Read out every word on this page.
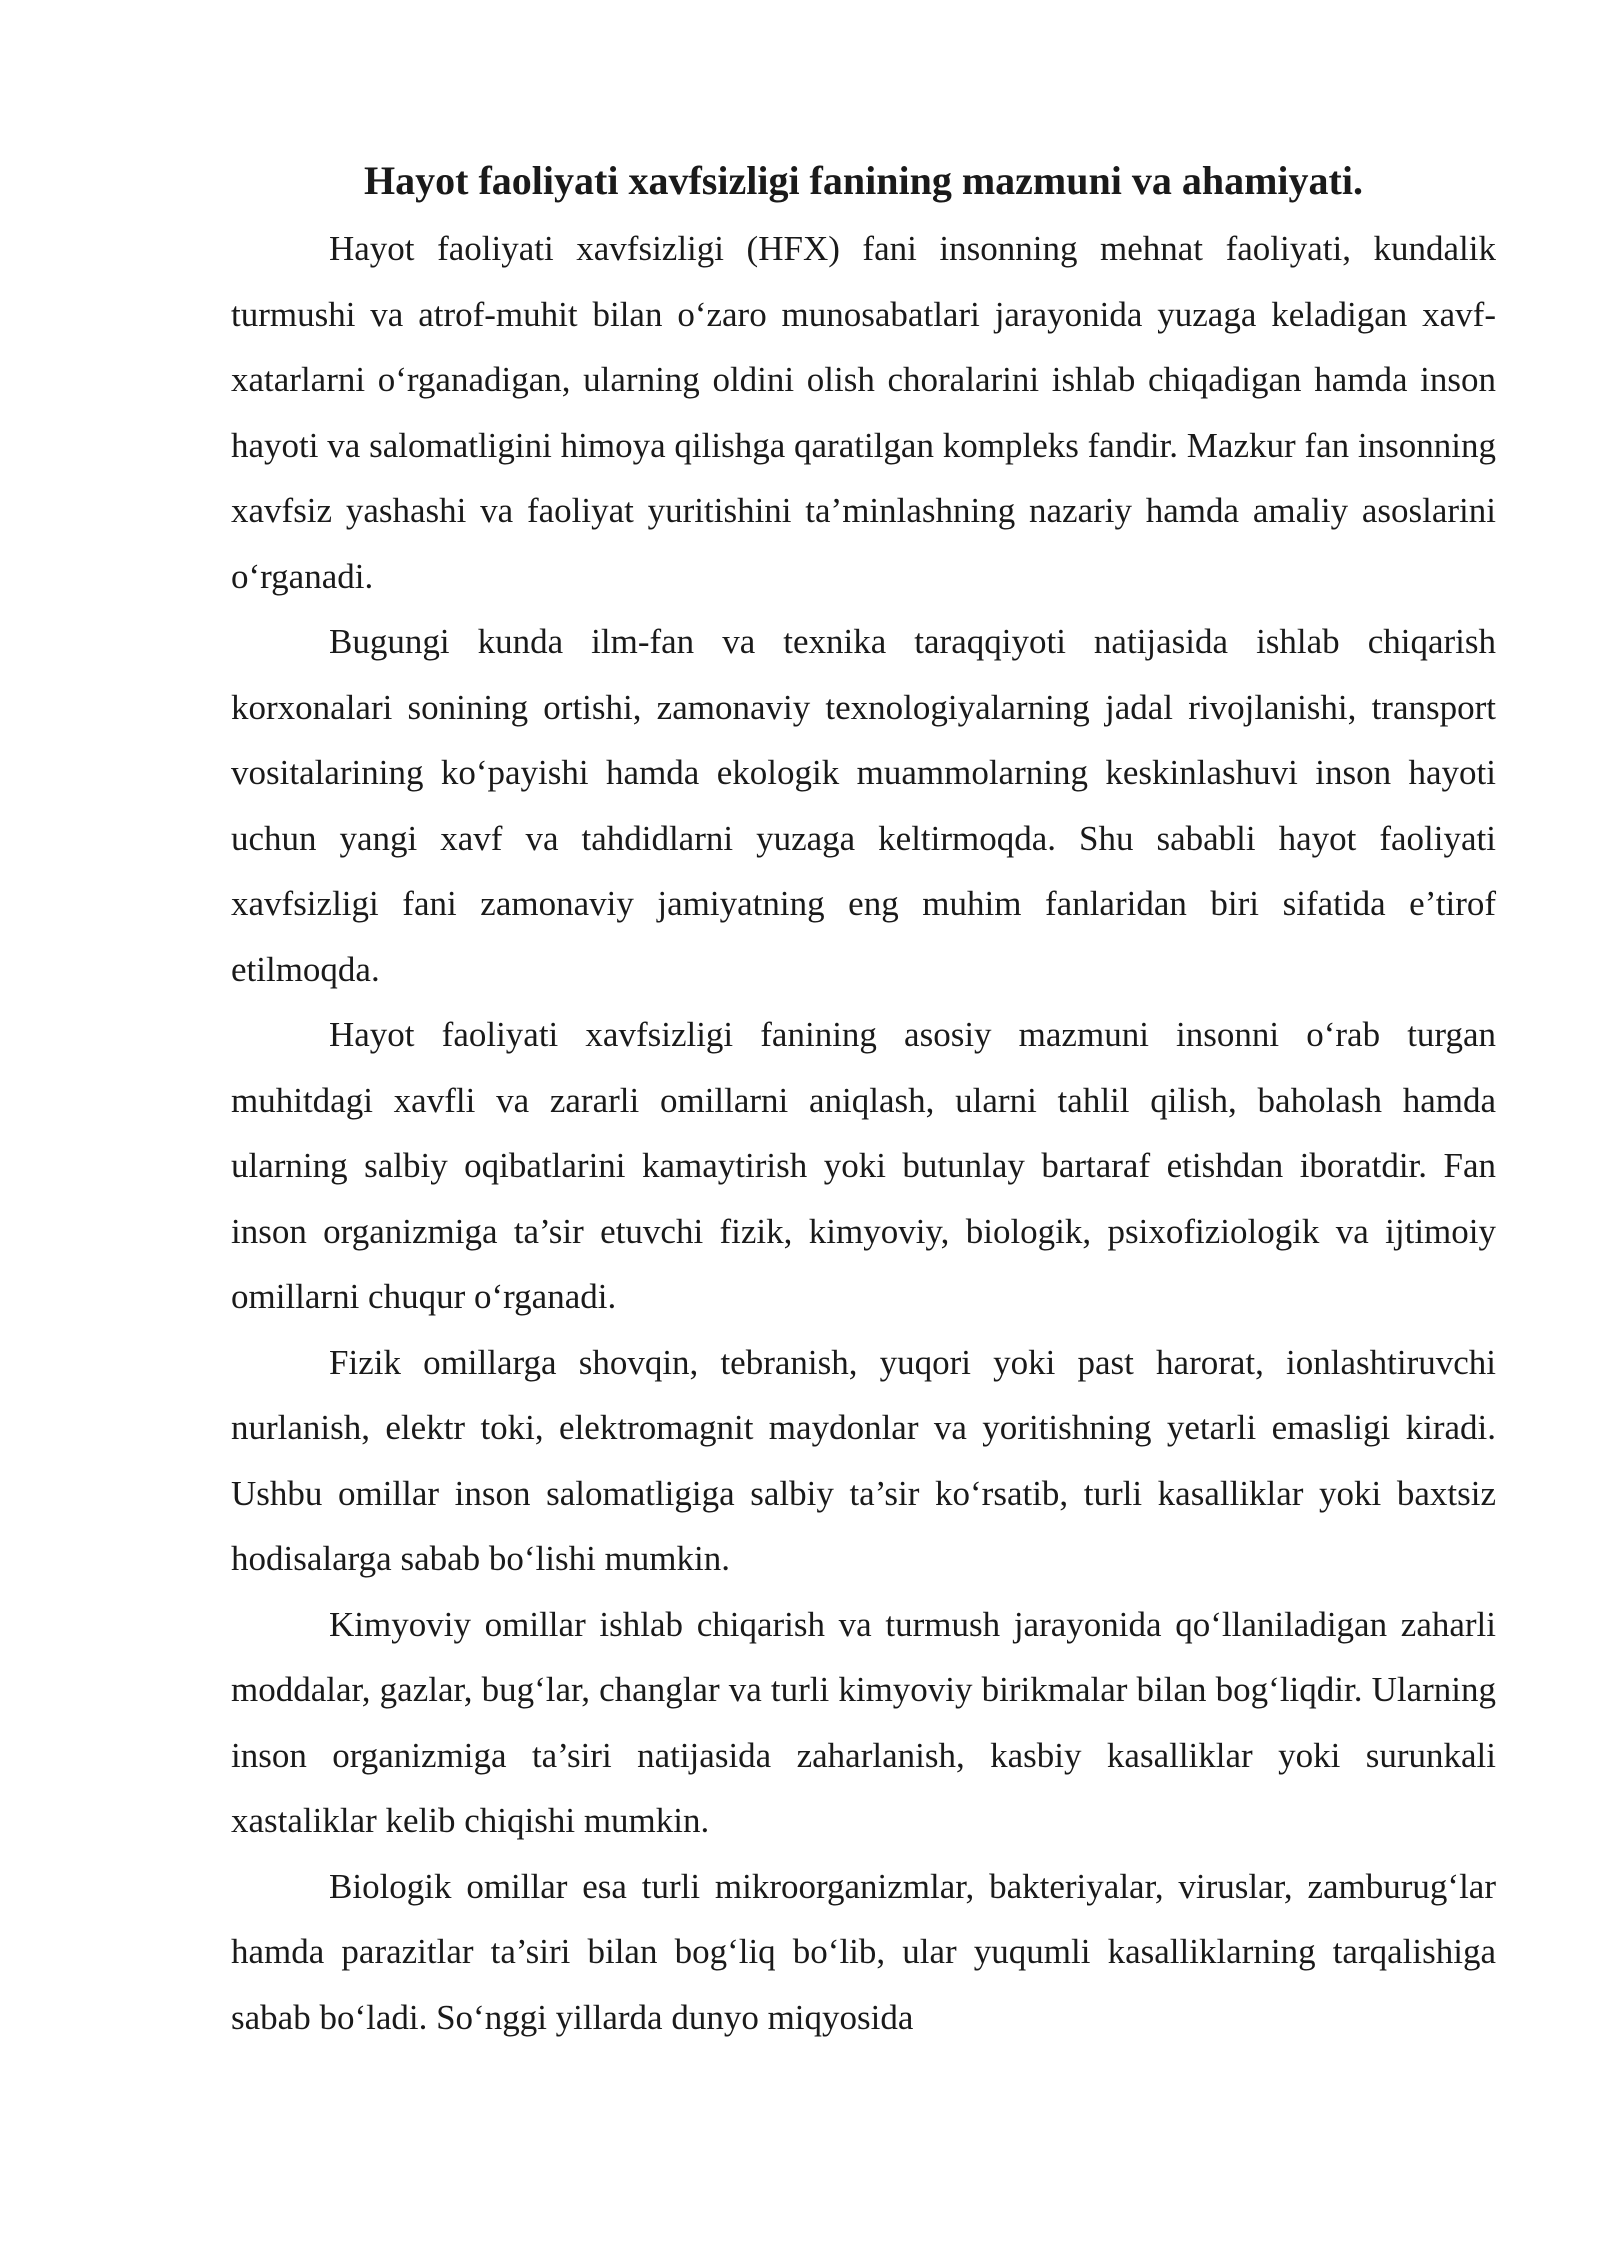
Hayot faoliyati xavfsizligi fanining mazmuni va ahamiyati.

Hayot faoliyati xavfsizligi (HFX) fani insonning mehnat faoliyati, kundalik turmushi va atrof-muhit bilan o‘zaro munosabatlari jarayonida yuzaga keladigan xavf-xatarlarni o‘rganadigan, ularning oldini olish choralarini ishlab chiqadigan hamda inson hayoti va salomatligini himoya qilishga qaratilgan kompleks fandir. Mazkur fan insonning xavfsiz yashashi va faoliyat yuritishini ta’minlashning nazariy hamda amaliy asoslarini o‘rganadi.

Bugungi kunda ilm-fan va texnika taraqqiyoti natijasida ishlab chiqarish korxonalari sonining ortishi, zamonaviy texnologiyalarning jadal rivojlanishi, transport vositalarining ko‘payishi hamda ekologik muammolarning keskinlashuvi inson hayoti uchun yangi xavf va tahdidlarni yuzaga keltirmoqda. Shu sababli hayot faoliyati xavfsizligi fani zamonaviy jamiyatning eng muhim fanlaridan biri sifatida e’tirof etilmoqda.

Hayot faoliyati xavfsizligi fanining asosiy mazmuni insonni o‘rab turgan muhitdagi xavfli va zararli omillarni aniqlash, ularni tahlil qilish, baholash hamda ularning salbiy oqibatlarini kamaytirish yoki butunlay bartaraf etishdan iboratdir. Fan inson organizmiga ta’sir etuvchi fizik, kimyoviy, biologik, psixofiziologik va ijtimoiy omillarni chuqur o‘rganadi.

Fizik omillarga shovqin, tebranish, yuqori yoki past harorat, ionlashtiruvchi nurlanish, elektr toki, elektromagnit maydonlar va yoritishning yetarli emasligi kiradi. Ushbu omillar inson salomatligiga salbiy ta’sir ko‘rsatib, turli kasalliklar yoki baxtsiz hodisalarga sabab bo‘lishi mumkin.

Kimyoviy omillar ishlab chiqarish va turmush jarayonida qo‘llaniladigan zaharli moddalar, gazlar, bug‘lar, changlar va turli kimyoviy birikmalar bilan bog‘liqdir. Ularning inson organizmiga ta’siri natijasida zaharlanish, kasbiy kasalliklar yoki surunkali xastaliklar kelib chiqishi mumkin.

Biologik omillar esa turli mikroorganizmlar, bakteriyalar, viruslar, zamburug‘lar hamda parazitlar ta’siri bilan bog‘liq bo‘lib, ular yuqumli kasalliklarning tarqalishiga sabab bo‘ladi. So‘nggi yillarda dunyo miqyosida
